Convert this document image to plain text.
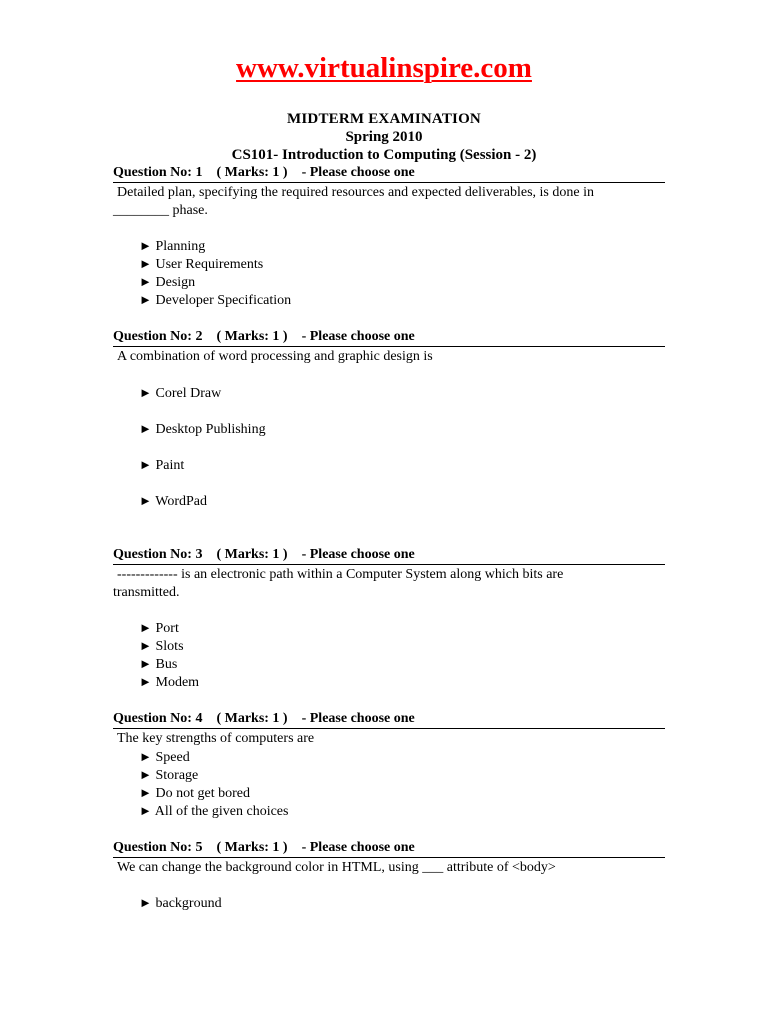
www.virtualinspire.com
MIDTERM EXAMINATION
Spring 2010
CS101- Introduction to Computing (Session - 2)
Question No: 1    ( Marks: 1 )    - Please choose one
Detailed plan, specifying the required resources and expected deliverables, is done in
________ phase.
► Planning
► User Requirements
► Design
► Developer Specification
Question No: 2    ( Marks: 1 )    - Please choose one
A combination of word processing and graphic design is
► Corel Draw
► Desktop Publishing
► Paint
► WordPad
Question No: 3    ( Marks: 1 )    - Please choose one
------------- is an electronic path within a Computer System along which bits are
transmitted.
► Port
► Slots
► Bus
► Modem
Question No: 4    ( Marks: 1 )    - Please choose one
The key strengths of computers are
► Speed
► Storage
► Do not get bored
► All of the given choices
Question No: 5    ( Marks: 1 )    - Please choose one
We can change the background color in HTML, using ___ attribute of <body>
► background
